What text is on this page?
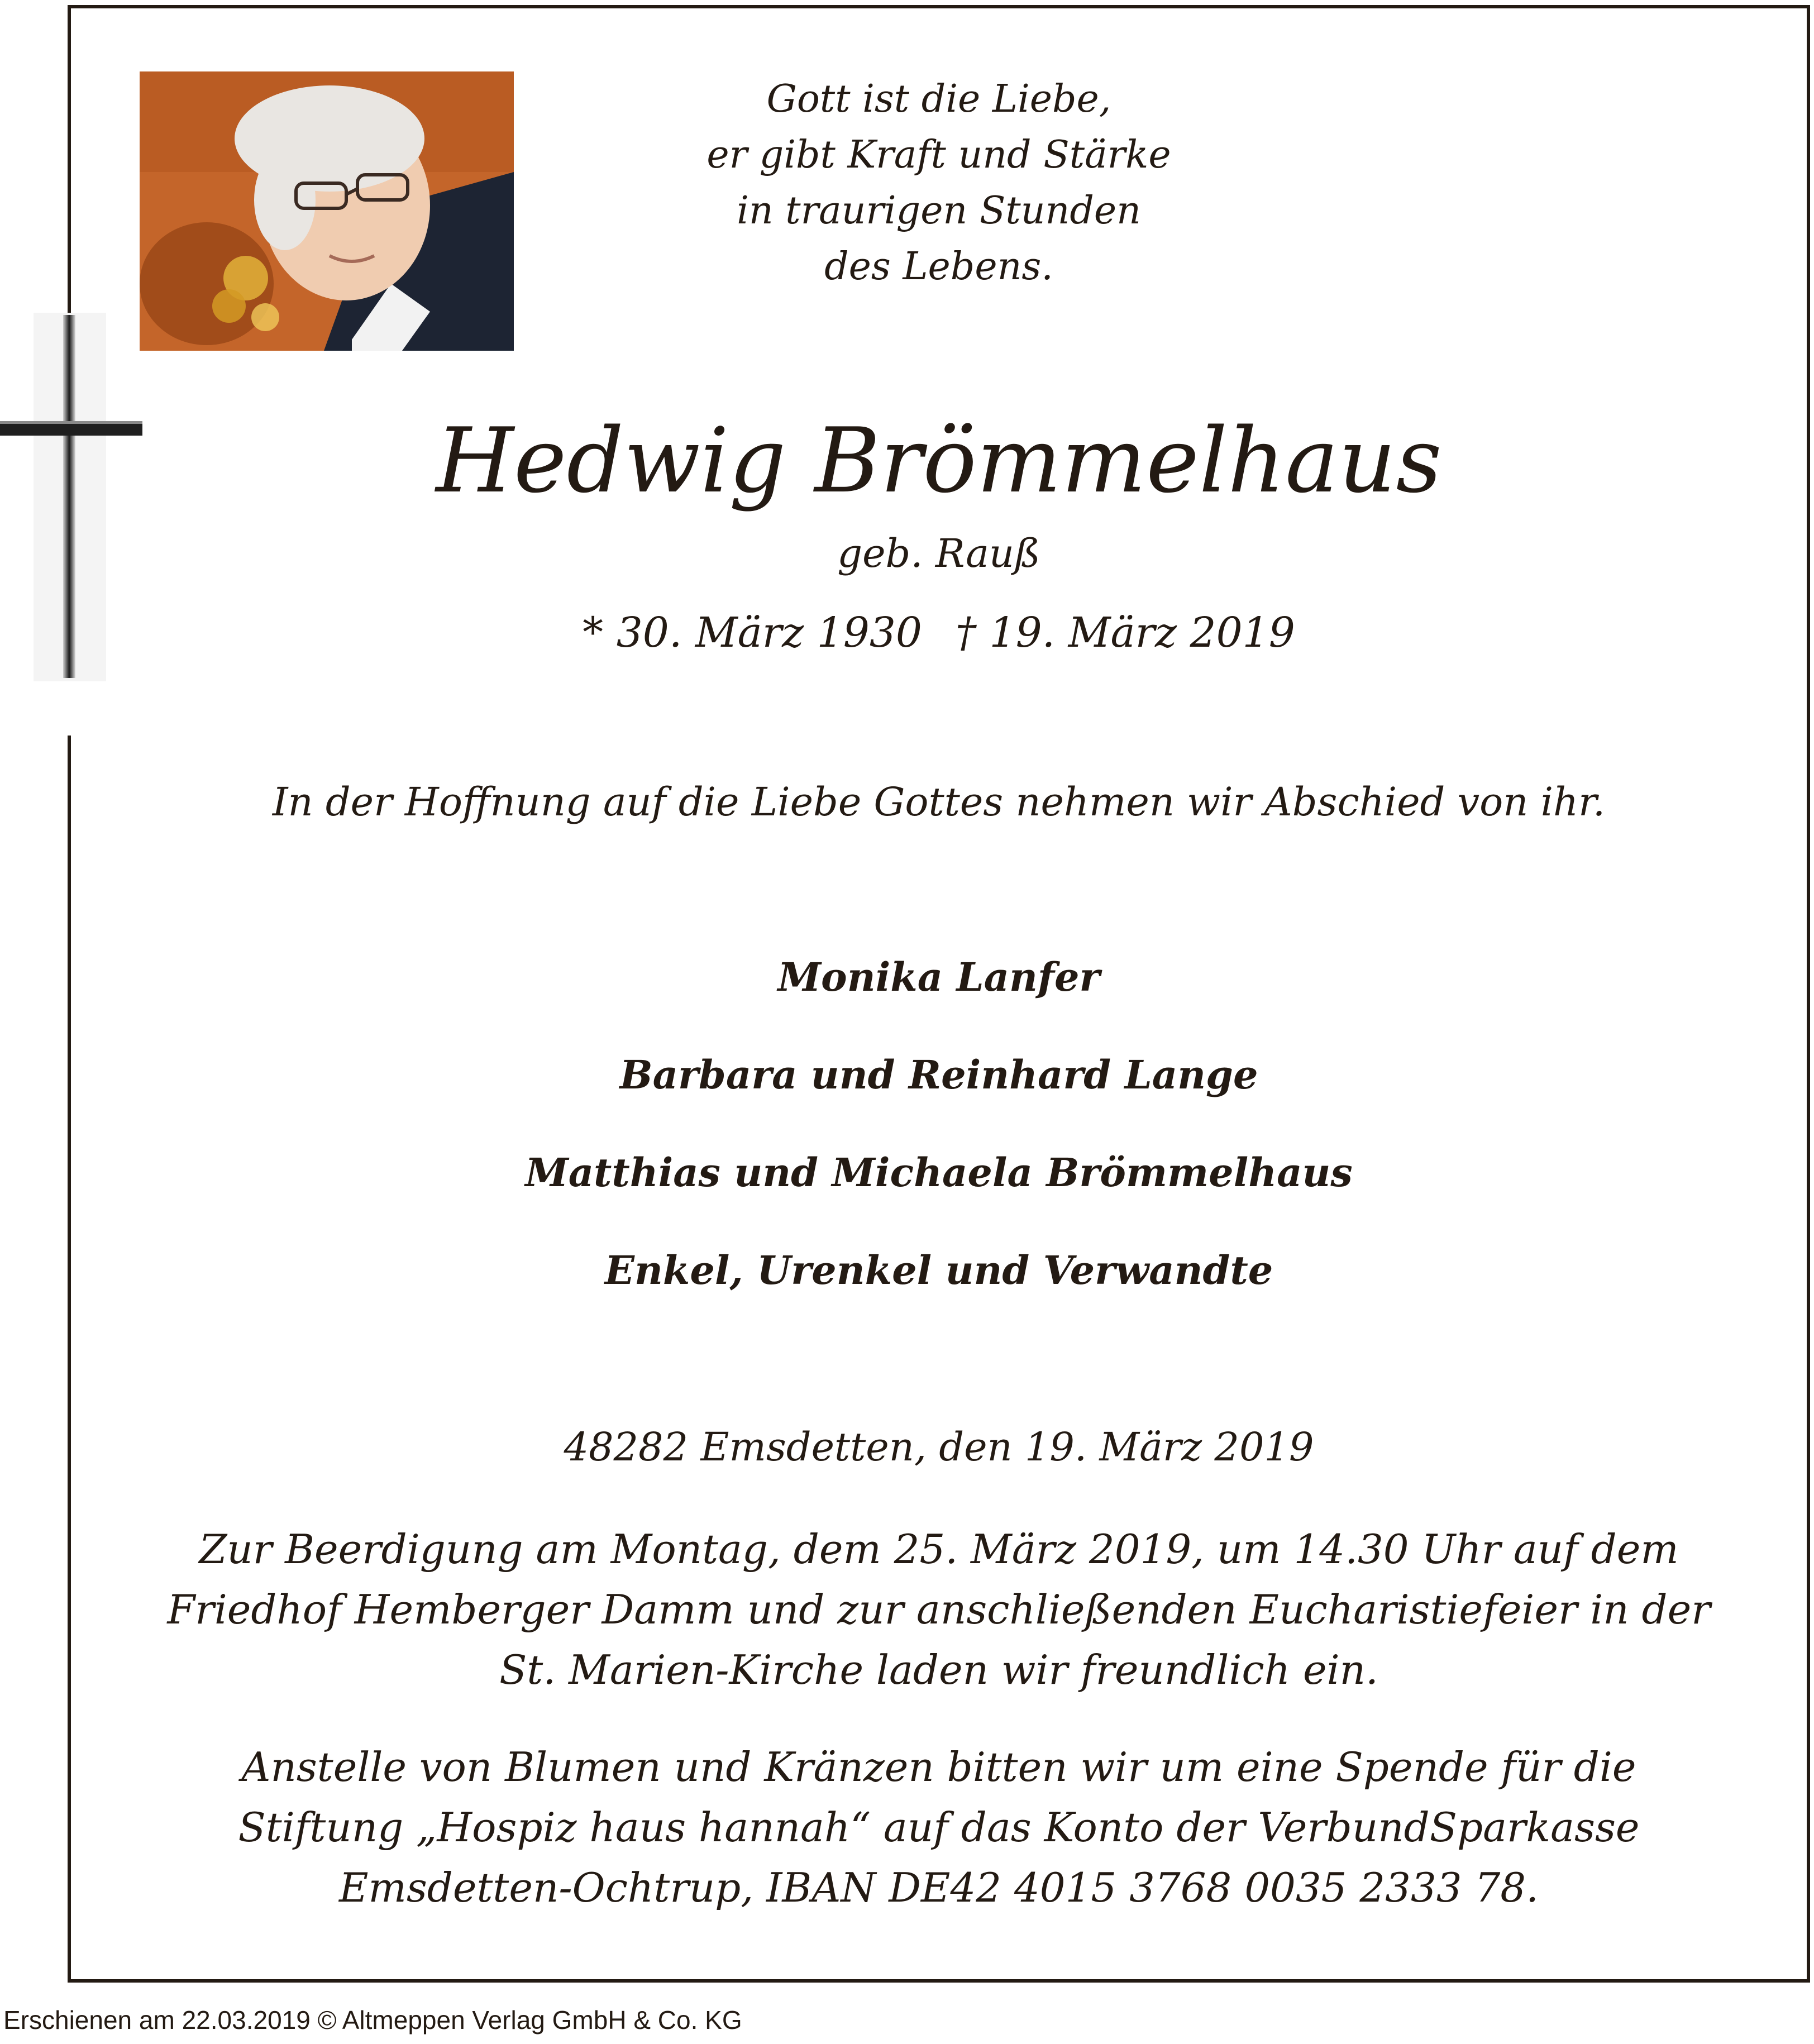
Gott ist die Liebe,
er gibt Kraft und Stärke
in traurigen Stunden
des Lebens.
Hedwig Brömmelhaus
geb. Rauß
* 30. März 1930 † 19. März 2019
In der Hoffnung auf die Liebe Gottes nehmen wir Abschied von ihr.
Monika Lanfer
Barbara und Reinhard Lange
Matthias und Michaela Brömmelhaus
Enkel, Urenkel und Verwandte
48282 Emsdetten, den 19. März 2019
Zur Beerdigung am Montag, dem 25. März 2019, um 14.30 Uhr auf dem
Friedhof Hemberger Damm und zur anschließenden Eucharistiefeier in der
St. Marien-Kirche laden wir freundlich ein.
Anstelle von Blumen und Kränzen bitten wir um eine Spende für die
Stiftung „Hospiz haus hannah“ auf das Konto der VerbundSparkasse
Emsdetten-Ochtrup, IBAN DE42 4015 3768 0035 2333 78.
Erschienen am 22.03.2019 © Altmeppen Verlag GmbH & Co. KG
